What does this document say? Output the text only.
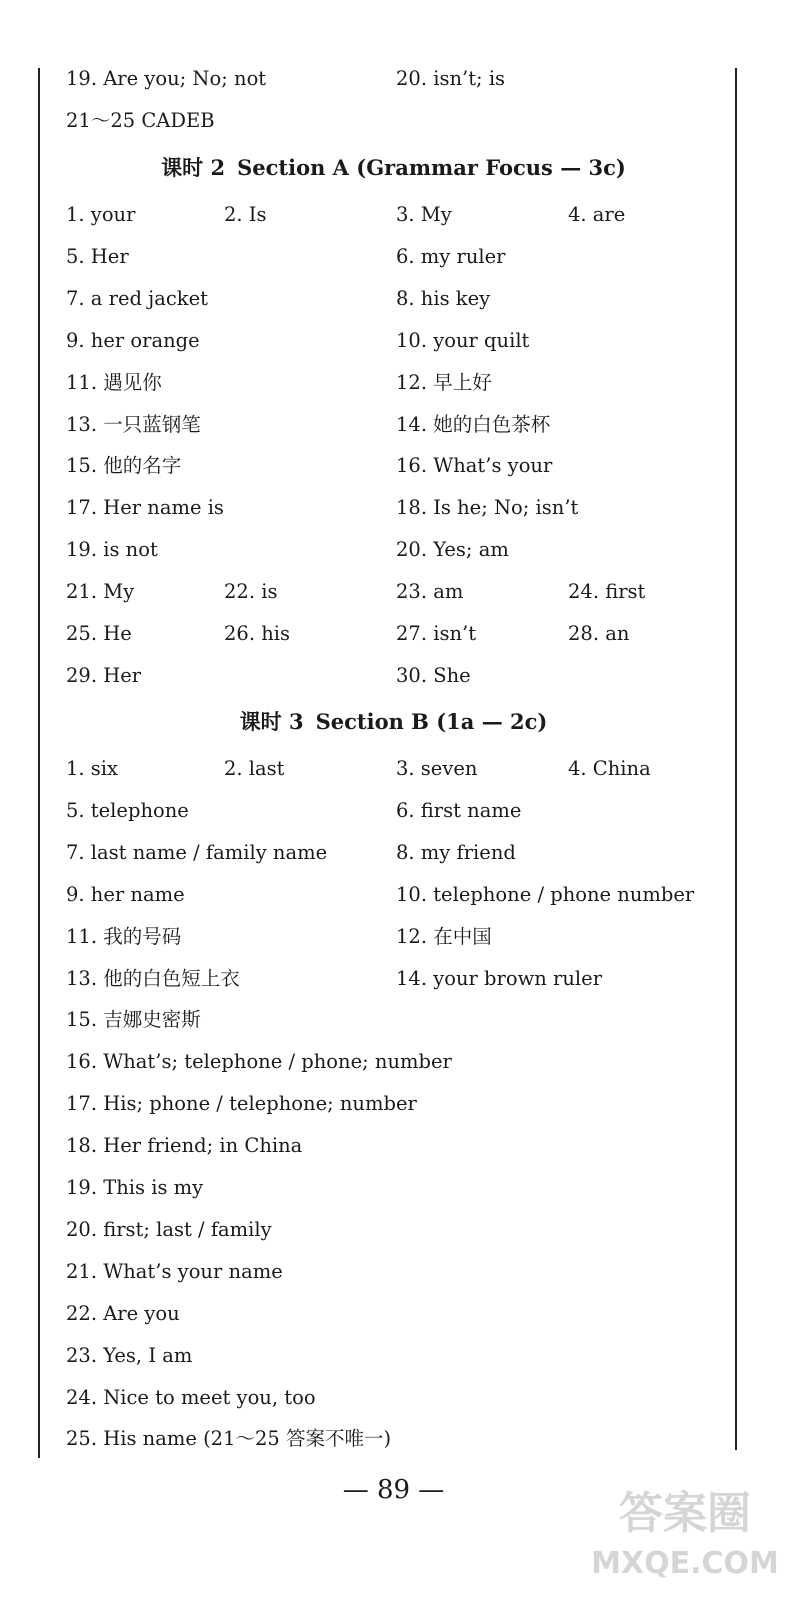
19. Are you; No; not	20. isn’t; is
21～25 CADEB
课时 2 Section A (Grammar Focus — 3c)
1. your	2. Is	3. My	4. are
5. Her	6. my ruler
7. a red jacket	8. his key
9. her orange	10. your quilt
11. 遇见你	12. 早上好
13. 一只蓝钢笔	14. 她的白色茶杯
15. 他的名字	16. What’s your
17. Her name is	18. Is he; No; isn’t
19. is not	20. Yes; am
21. My	22. is	23. am	24. first
25. He	26. his	27. isn’t	28. an
29. Her	30. She
课时 3 Section B (1a — 2c)
1. six	2. last	3. seven	4. China
5. telephone	6. first name
7. last name / family name	8. my friend
9. her name	10. telephone / phone number
11. 我的号码	12. 在中国
13. 他的白色短上衣	14. your brown ruler
15. 吉娜史密斯
16. What’s; telephone / phone; number
17. His; phone / telephone; number
18. Her friend; in China
19. This is my
20. first; last / family
21. What’s your name
22. Are you
23. Yes, I am
24. Nice to meet you, too
25. His name (21～25 答案不唯一)
— 89 —	答案圈
MXQE.COM
